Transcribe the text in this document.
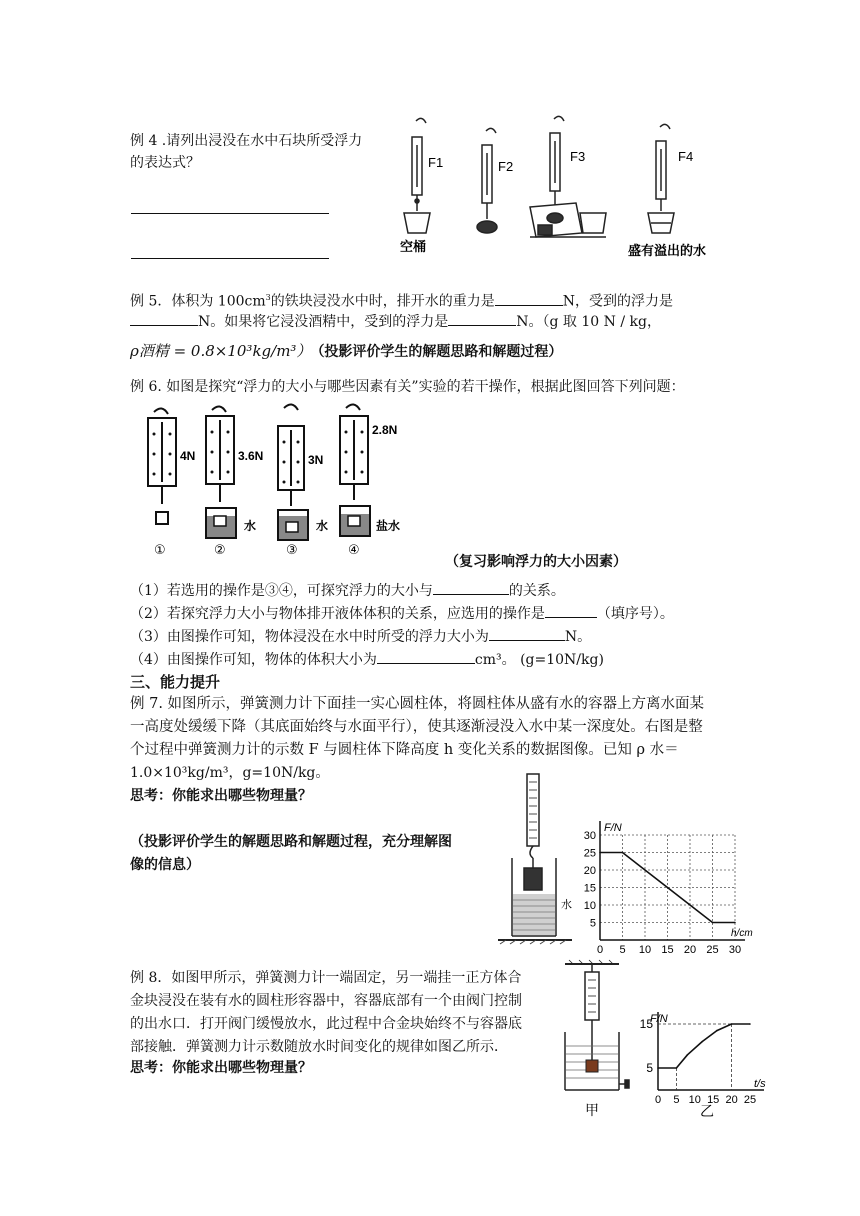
例 4 .请列出浸没在水中石块所受浮力
的表达式？	F1	F2
F3	F4
空桶	盛有溢出的水
例 5．体积为 $100cm^3$的铁块浸没水中时，排开水的重力是	N，受到的浮力是
N。如果将它浸没酒精中，受到的浮力是	N。（g 取 10 N / kg，
ρ酒精 = 0.8×10³kg/m³） （投影评价学生的解题思路和解题过程）
例 6. 如图是探究“浮力的大小与哪些因素有关”实验的若干操作，根据此图回答下列问题：
4N	3.6N	3N
2.8N
水	水	盐水
①	②	③	④
（复习影响浮力的大小因素）
（1）若选用的操作是③④，可探究浮力的大小与	的关系。
（2）若探究浮力大小与物体排开液体体积的关系，应选用的操作是	（填序号）。
（3）由图操作可知，物体浸没在水中时所受的浮力大小为	N。
（4）由图操作可知，物体的体积大小为	cm³。 (g=10N/kg)
三、能力提升
例 7. 如图所示，弹簧测力计下面挂一实心圆柱体，将圆柱体从盛有水的容器上方离水面某
一高度处缓缓下降（其底面始终与水面平行），使其逐渐浸没入水中某一深度处。右图是整
个过程中弹簧测力计的示数 F 与圆柱体下降高度 h 变化关系的数据图像。已知 ρ 水＝
1.0×10³kg/m³，g=10N/kg。
思考：你能求出哪些物理量？
（投影评价学生的解题思路和解题过程，充分理解图
像的信息）
水
0 5 10 15 20 25 30
5
10
15
20
25
30
F/N
h/cm
例 8．如图甲所示，弹簧测力计一端固定，另一端挂一正方体合
金块浸没在装有水的圆柱形容器中，容器底部有一个由阀门控制
的出水口．打开阀门缓慢放水，此过程中合金块始终不与容器底
部接触．弹簧测力计示数随放水时间变化的规律如图乙所示．
思考：你能求出哪些物理量？
甲
0 5 10 15 20 25
5
15
F/N
t/s
乙
